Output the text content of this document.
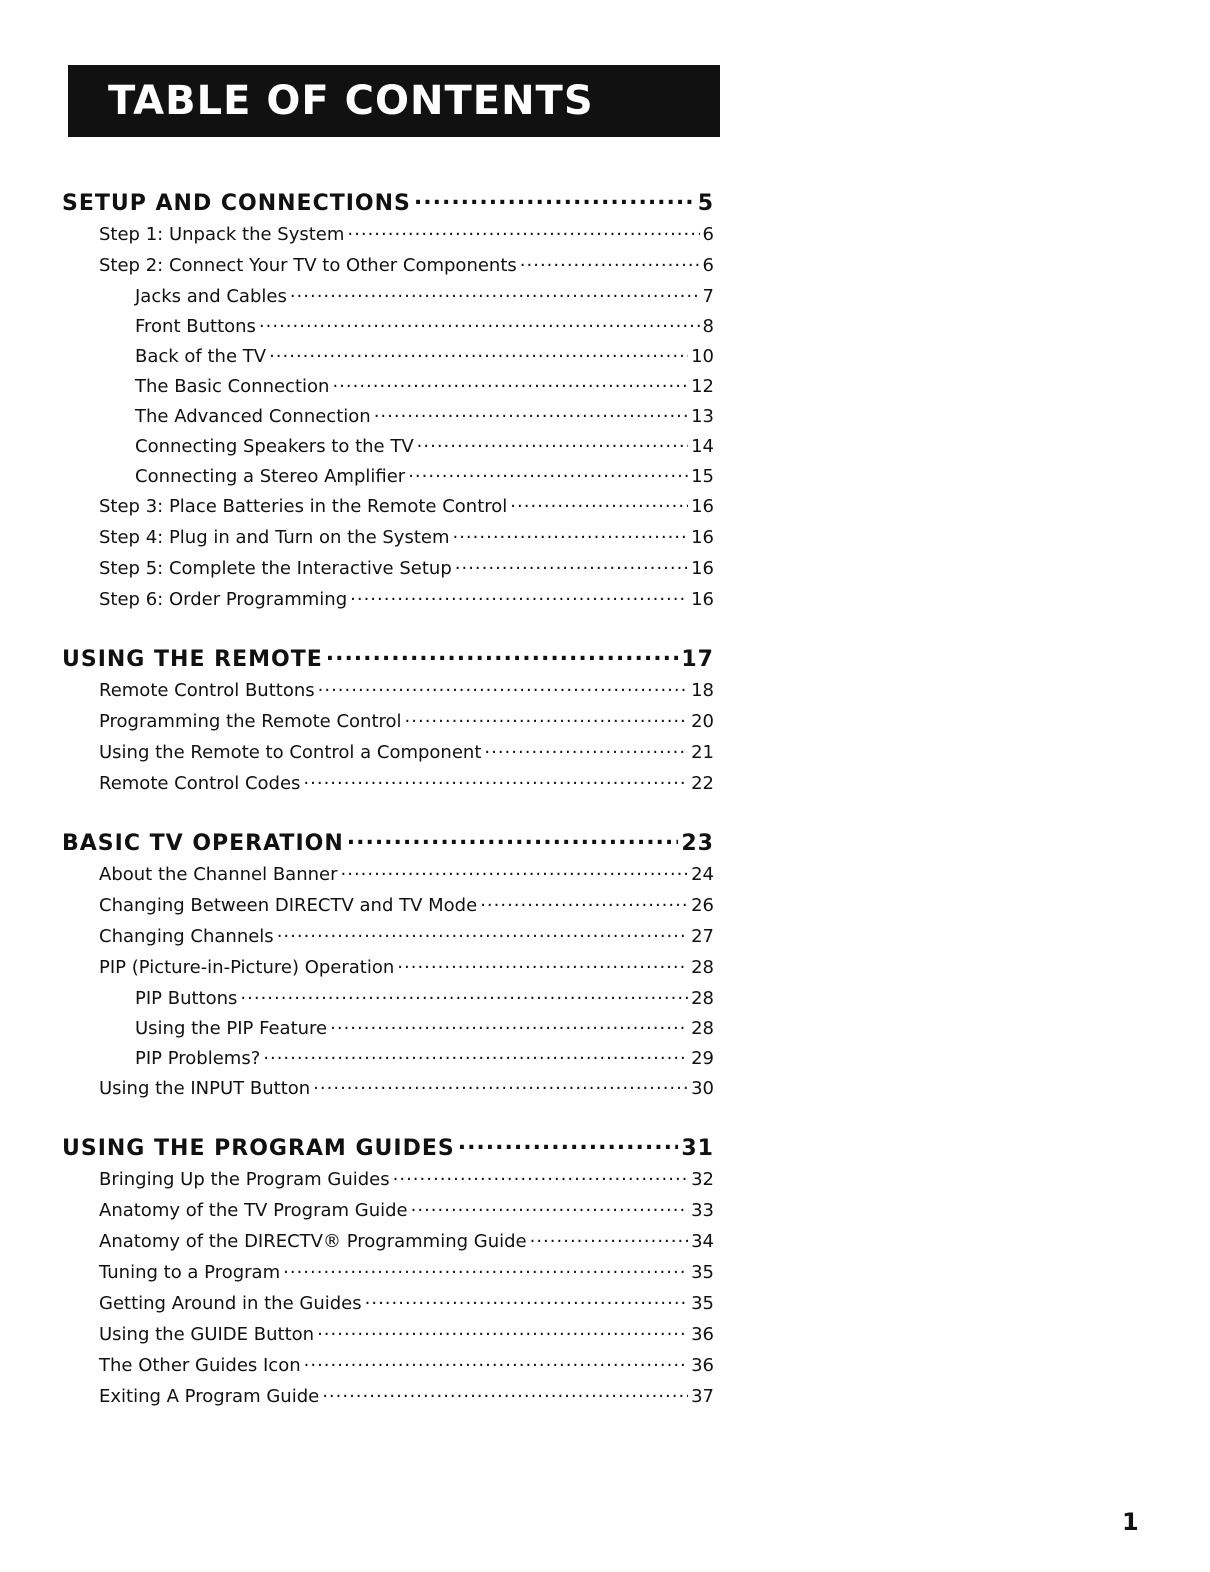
TABLE OF CONTENTS
SETUP AND CONNECTIONS .....	5
Step 1: Unpack the System .....	6
Step 2: Connect Your TV to Other Components .....	6
Jacks and Cables .....	7
Front Buttons .....	8
Back of the TV .....	10
The Basic Connection .....	12
The Advanced Connection .....	13
Connecting Speakers to the TV .....	14
Connecting a Stereo Amplifier .....	15
Step 3: Place Batteries in the Remote Control .....	16
Step 4: Plug in and Turn on the System .....	16
Step 5: Complete the Interactive Setup .....	16
Step 6: Order Programming .....	16
USING THE REMOTE .....	17
Remote Control Buttons .....	18
Programming the Remote Control .....	20
Using the Remote to Control a Component .....	21
Remote Control Codes .....	22
BASIC TV OPERATION .....	23
About the Channel Banner .....	24
Changing Between DIRECTV and TV Mode .....	26
Changing Channels .....	27
PIP (Picture-in-Picture) Operation .....	28
PIP Buttons .....	28
Using the PIP Feature .....	28
PIP Problems? .....	29
Using the INPUT Button .....	30
USING THE PROGRAM GUIDES .....	31
Bringing Up the Program Guides .....	32
Anatomy of the TV Program Guide .....	33
Anatomy of the DIRECTV® Programming Guide .....	34
Tuning to a Program .....	35
Getting Around in the Guides .....	35
Using the GUIDE Button .....	36
The Other Guides Icon .....	36
Exiting A Program Guide .....	37
1
